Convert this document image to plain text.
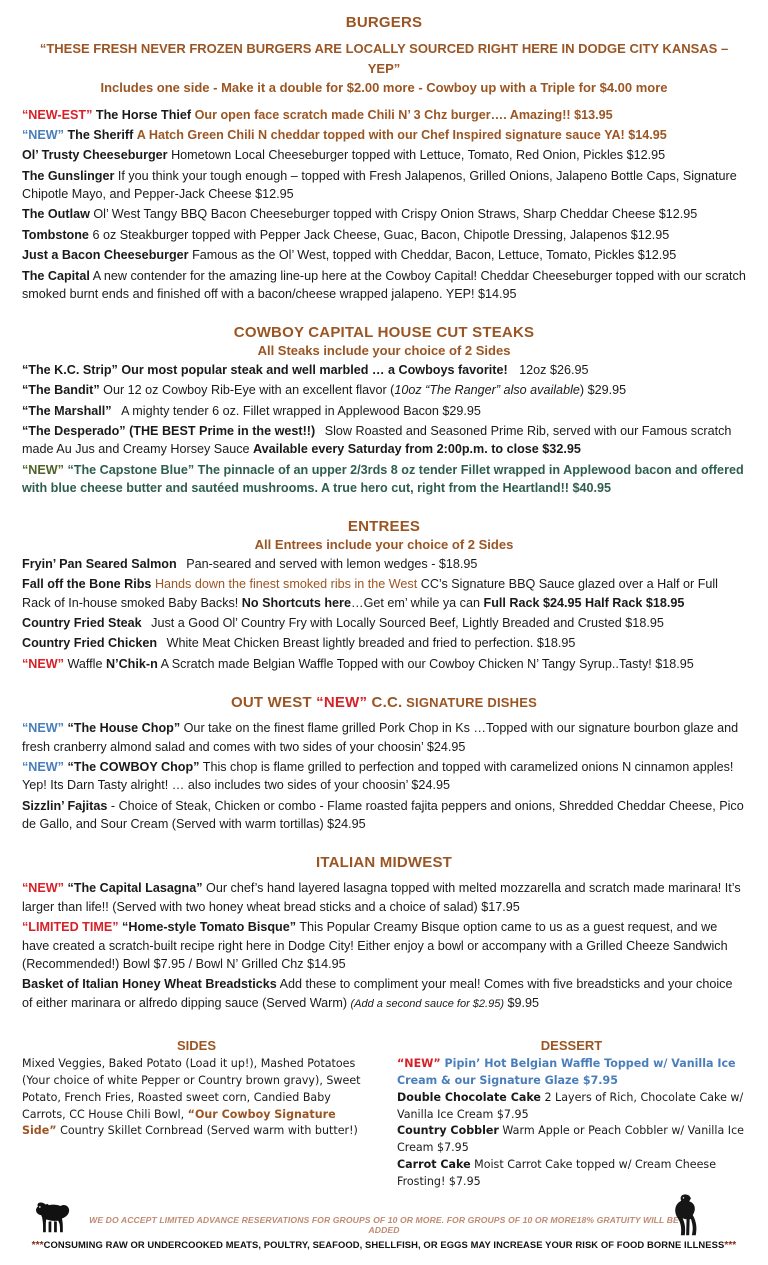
BURGERS
“THESE FRESH NEVER FROZEN BURGERS ARE LOCALLY SOURCED RIGHT HERE IN DODGE CITY KANSAS – YEP”
Includes one side - Make it a double for $2.00 more - Cowboy up with a Triple for $4.00 more

“NEW-EST” The Horse Thief Our open face scratch made Chili N’ 3 Chz burger…. Amazing!! $13.95

“NEW” The Sheriff A Hatch Green Chili N cheddar topped with our Chef Inspired signature sauce YA! $14.95

Ol’ Trusty Cheeseburger Hometown Local Cheeseburger topped with Lettuce, Tomato, Red Onion, Pickles $12.95

The Gunslinger If you think your tough enough – topped with Fresh Jalapenos, Grilled Onions, Jalapeno Bottle Caps, Signature Chipotle Mayo, and Pepper-Jack Cheese $12.95

The Outlaw Ol’ West Tangy BBQ Bacon Cheeseburger topped with Crispy Onion Straws, Sharp Cheddar Cheese $12.95

Tombstone 6 oz Steakburger topped with Pepper Jack Cheese, Guac, Bacon, Chipotle Dressing, Jalapenos $12.95

Just a Bacon Cheeseburger Famous as the Ol’ West, topped with Cheddar, Bacon, Lettuce, Tomato, Pickles $12.95

The Capital A new contender for the amazing line-up here at the Cowboy Capital! Cheddar Cheeseburger topped with our scratch smoked burnt ends and finished off with a bacon/cheese wrapped jalapeno. YEP! $14.95

COWBOY CAPITAL HOUSE CUT STEAKS
All Steaks include your choice of 2 Sides

“The K.C. Strip” Our most popular steak and well marbled … a Cowboys favorite! 12oz $26.95

“The Bandit” Our 12 oz Cowboy Rib-Eye with an excellent flavor (10oz “The Ranger” also available) $29.95

“The Marshall” A mighty tender 6 oz. Fillet wrapped in Applewood Bacon $29.95

“The Desperado” (THE BEST Prime in the west!!) Slow Roasted and Seasoned Prime Rib, served with our Famous scratch made Au Jus and Creamy Horsey Sauce Available every Saturday from 2:00p.m. to close $32.95

“NEW” “The Capstone Blue” The pinnacle of an upper 2/3rds 8 oz tender Fillet wrapped in Applewood bacon and offered with blue cheese butter and sautéed mushrooms. A true hero cut, right from the Heartland!! $40.95

ENTREES
All Entrees include your choice of 2 Sides

Fryin’ Pan Seared Salmon Pan-seared and served with lemon wedges - $18.95

Fall off the Bone Ribs Hands down the finest smoked ribs in the West CC’s Signature BBQ Sauce glazed over a Half or Full Rack of In-house smoked Baby Backs! No Shortcuts here…Get em’ while ya can Full Rack $24.95 Half Rack $18.95

Country Fried Steak Just a Good Ol’ Country Fry with Locally Sourced Beef, Lightly Breaded and Crusted $18.95

Country Fried Chicken White Meat Chicken Breast lightly breaded and fried to perfection. $18.95

“NEW” Waffle N’Chik-n A Scratch made Belgian Waffle Topped with our Cowboy Chicken N’ Tangy Syrup..Tasty! $18.95

OUT WEST “NEW” C.C. SIGNATURE DISHES

“NEW” “The House Chop” Our take on the finest flame grilled Pork Chop in Ks …Topped with our signature bourbon glaze and fresh cranberry almond salad and comes with two sides of your choosin’ $24.95

“NEW” “The COWBOY Chop” This chop is flame grilled to perfection and topped with caramelized onions N cinnamon apples! Yep! Its Darn Tasty alright! … also includes two sides of your choosin’ $24.95

Sizzlin’ Fajitas - Choice of Steak, Chicken or combo - Flame roasted fajita peppers and onions, Shredded Cheddar Cheese, Pico de Gallo, and Sour Cream (Served with warm tortillas) $24.95

ITALIAN MIDWEST

“NEW” “The Capital Lasagna” Our chef’s hand layered lasagna topped with melted mozzarella and scratch made marinara! It’s larger than life!! (Served with two honey wheat bread sticks and a choice of salad) $17.95

“LIMITED TIME” “Home-style Tomato Bisque” This Popular Creamy Bisque option came to us as a guest request, and we have created a scratch-built recipe right here in Dodge City! Either enjoy a bowl or accompany with a Grilled Cheeze Sandwich (Recommended!) Bowl $7.95 / Bowl N’ Grilled Chz $14.95

Basket of Italian Honey Wheat Breadsticks Add these to compliment your meal! Comes with five breadsticks and your choice of either marinara or alfredo dipping sauce (Served Warm) (Add a second sauce for $2.95) $9.95

SIDES
Mixed Veggies, Baked Potato (Load it up!), Mashed Potatoes (Your choice of white Pepper or Country brown gravy), Sweet Potato, French Fries, Roasted sweet corn, Candied Baby Carrots, CC House Chili Bowl, “Our Cowboy Signature Side” Country Skillet Cornbread (Served warm with butter!)
DESSERT

“NEW” Pipin’ Hot Belgian Waffle Topped w/ Vanilla Ice Cream & our Signature Glaze $7.95

Double Chocolate Cake 2 Layers of Rich, Chocolate Cake w/ Vanilla Ice Cream $7.95

Country Cobbler Warm Apple or Peach Cobbler w/ Vanilla Ice Cream $7.95

Carrot Cake Moist Carrot Cake topped w/ Cream Cheese Frosting! $7.95

WE DO ACCEPT LIMITED ADVANCE RESERVATIONS FOR GROUPS OF 10 OR MORE. FOR GROUPS OF 10 OR MORE18% GRATUITY WILL BE ADDED
***CONSUMING RAW OR UNDERCOOKED MEATS, POULTRY, SEAFOOD, SHELLFISH, OR EGGS MAY INCREASE YOUR RISK OF FOOD BORNE ILLNESS***
